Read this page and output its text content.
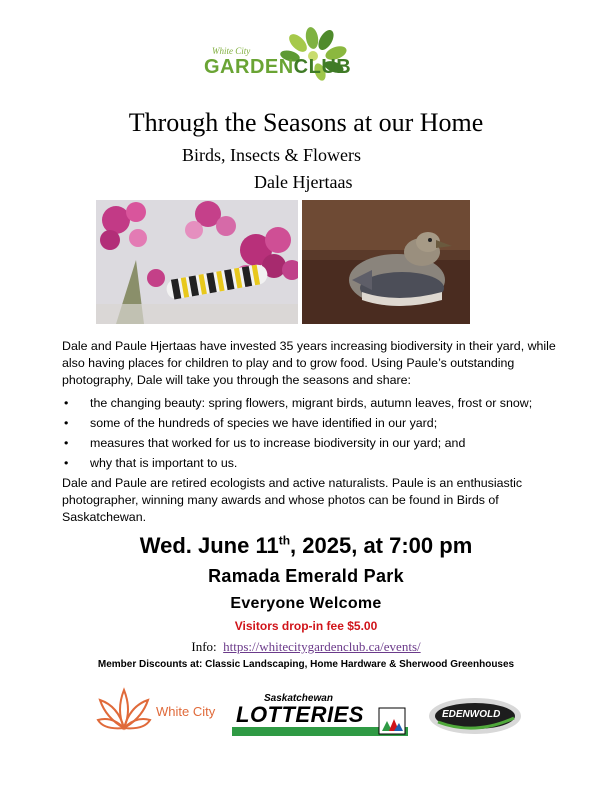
White City
GARDENCLUB
Through the Seasons at our Home
Birds, Insects & Flowers
Dale Hjertaas
Dale and Paule Hjertaas have invested 35 years increasing biodiversity in their yard, while also having places for children to play and to grow food. Using Paule’s outstanding photography, Dale will take you through the seasons and share:
• the changing beauty: spring flowers, migrant birds, autumn leaves, frost or snow;
• some of the hundreds of species we have identified in our yard;
• measures that worked for us to increase biodiversity in our yard; and
• why that is important to us.
Dale and Paule are retired ecologists and active naturalists. Paule is an enthusiastic photographer, winning many awards and whose photos can be found in Birds of Saskatchewan.
Wed. June 11th, 2025, at 7:00 pm
Ramada Emerald Park
Everyone Welcome
Visitors drop-in fee $5.00
Info: https://whitecitygardenclub.ca/events/
Member Discounts at: Classic Landscaping, Home Hardware & Sherwood Greenhouses
White City
Saskatchewan
LOTTERIES	EDENWOLD
